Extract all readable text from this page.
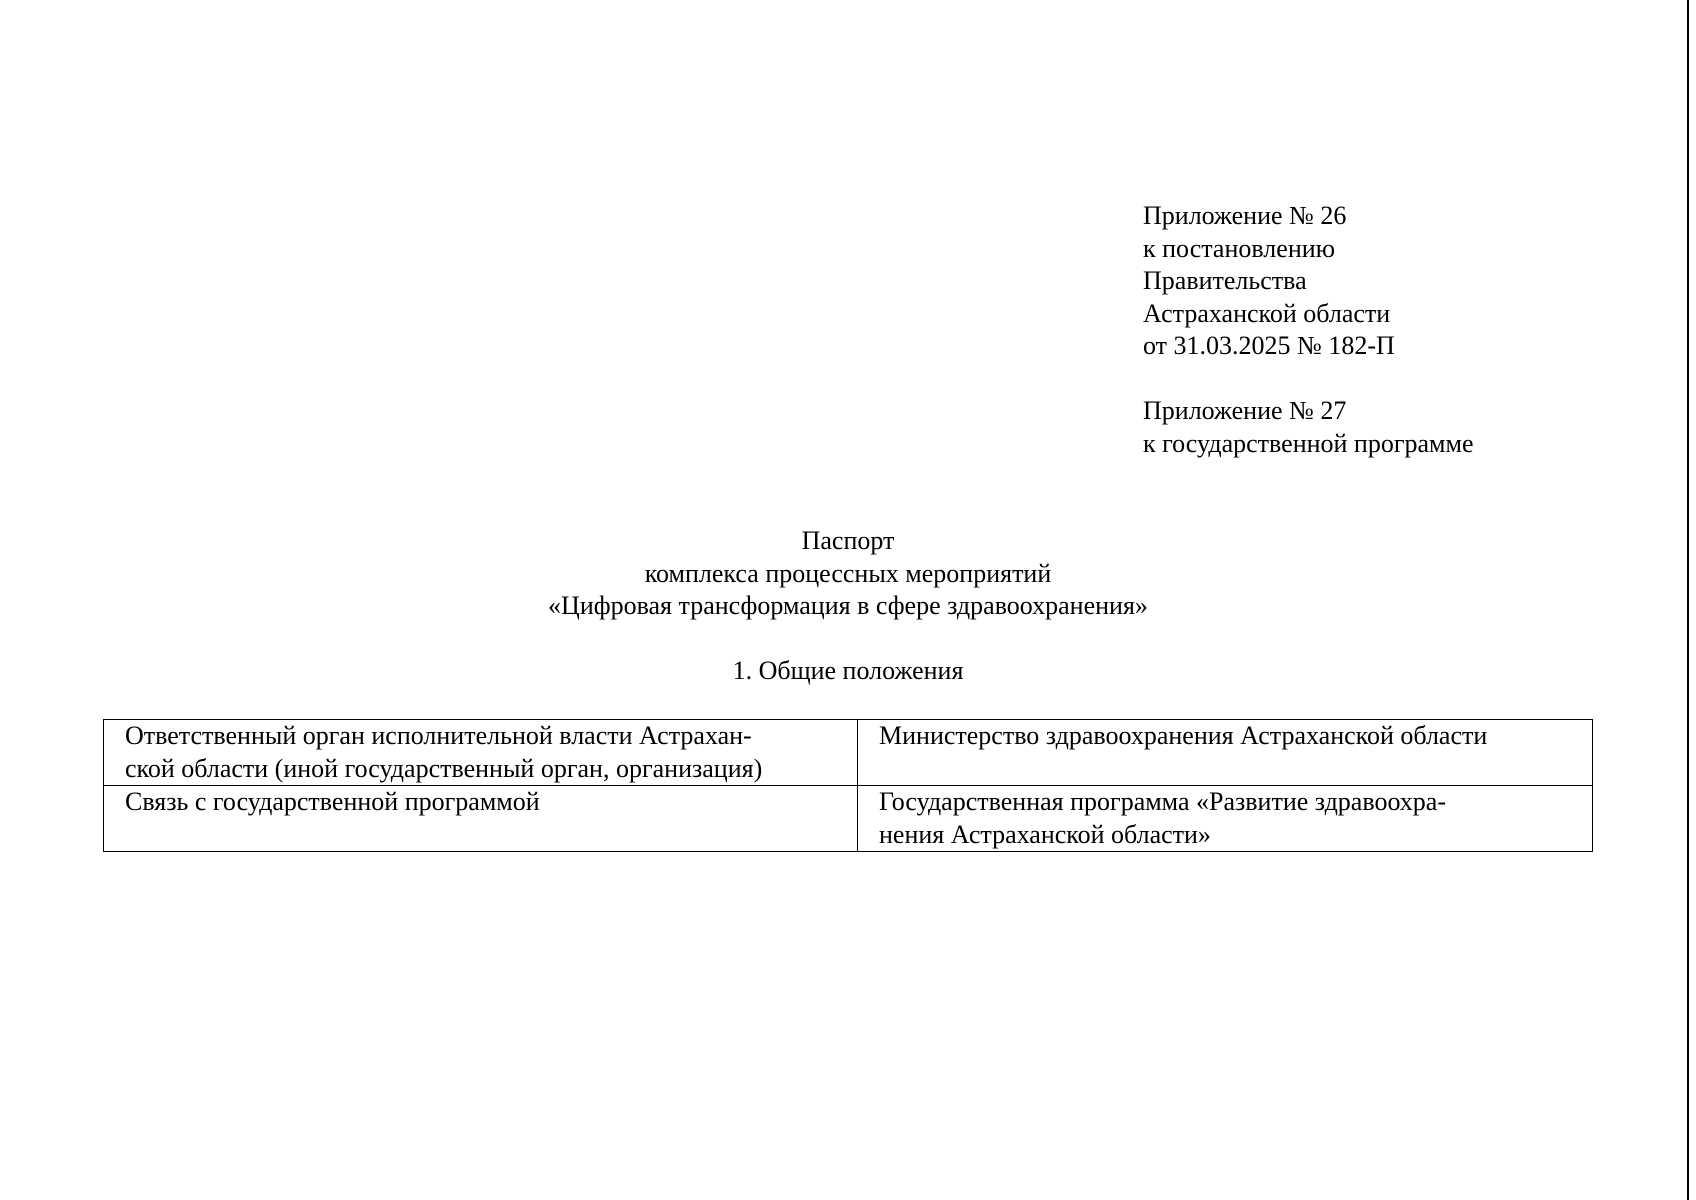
Приложение № 26
к постановлению
Правительства
Астраханской области
от 31.03.2025 № 182-П
Приложение № 27
к государственной программе
Паспорт
комплекса процессных мероприятий
«Цифровая трансформация в сфере здравоохранения»
1. Общие положения
Ответственный орган исполнительной власти Астрахан-
ской области (иной государственный орган, организация)	Министерство здравоохранения Астраханской области

Связь с государственной программой	Государственная программа «Развитие здравоохра-
нения Астраханской области»
